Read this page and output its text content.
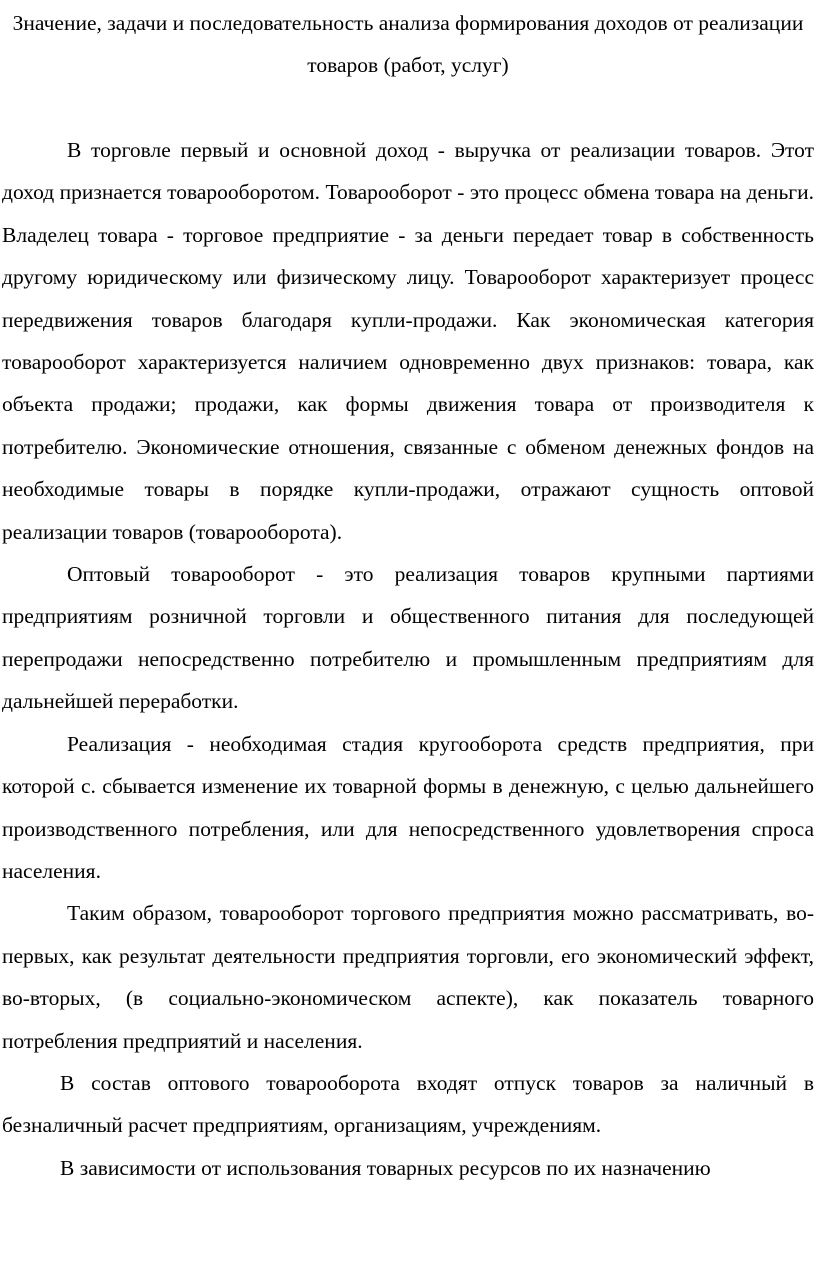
Значение, задачи и последовательность анализа формирования доходов от реализации товаров (работ, услуг)

В торговле первый и основной доход - выручка от реализации товаров. Этот доход признается товарооборотом. Товарооборот - это процесс обмена товара на деньги. Владелец товара - торговое предприятие - за деньги передает товар в собственность другому юридическому или физическому лицу. Товарооборот характеризует процесс передвижения товаров благодаря купли-продажи. Как экономическая категория товарооборот характеризуется наличием одновременно двух признаков: товара, как объекта продажи; продажи, как формы движения товара от производителя к потребителю. Экономические отношения, связанные с обменом денежных фондов на необходимые товары в порядке купли-продажи, отражают сущность оптовой реализации товаров (товарооборота).

Оптовый товарооборот - это реализация товаров крупными партиями предприятиям розничной торговли и общественного питания для последующей перепродажи непосредственно потребителю и промышленным предприятиям для дальнейшей переработки.

Реализация - необходимая стадия кругооборота средств предприятия, при которой с. сбывается изменение их товарной формы в денежную, с целью дальнейшего производственного потребления, или для непосредственного удовлетворения спроса населения.

Таким образом, товарооборот торгового предприятия можно рассматривать, во-первых, как результат деятельности предприятия торговли, его экономический эффект, во-вторых, (в социально-экономическом аспекте), как показатель товарного потребления предприятий и населения.

В состав оптового товарооборота входят отпуск товаров за наличный в безналичный расчет предприятиям, организациям, учреждениям.

В зависимости от использования товарных ресурсов по их назначению
